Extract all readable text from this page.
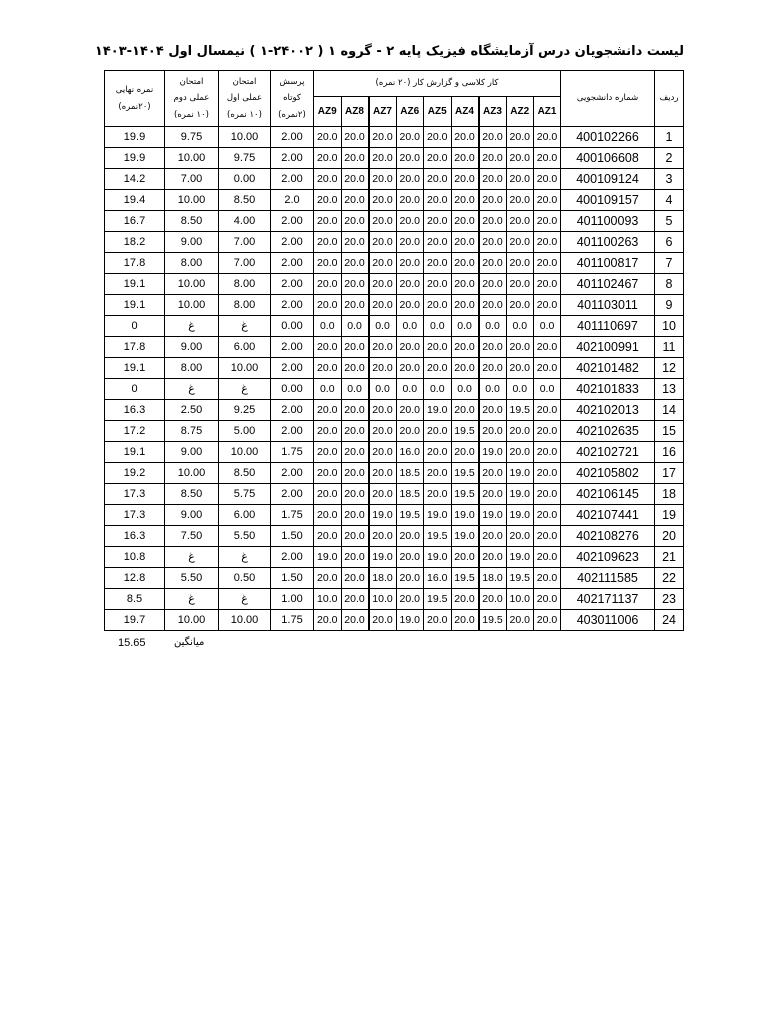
لیست دانشجویان درس آزمایشگاه فیزیک پایه ۲ - گروه ۱ ( ۲۴۰۰۲-۱ ) نیمسال اول ۱۴۰۴-۱۴۰۳
نمره نهایی
(۲۰نمره)	امتحان
عملی دوم
(۱۰ نمره)	امتحان
عملی اول
(۱۰ نمره)	پرسش
کوتاه
(۲نمره)	کار کلاسی و گزارش کار (۲۰ نمره)									شماره دانشجویی	ردیف
				AZ9	AZ8	AZ7	AZ6	AZ5	AZ4	AZ3	AZ2	AZ1		
19.9	9.75	10.00	2.00	20.0	20.0	20.0	20.0	20.0	20.0	20.0	20.0	20.0	400102266	1
19.9	10.00	9.75	2.00	20.0	20.0	20.0	20.0	20.0	20.0	20.0	20.0	20.0	400106608	2
14.2	7.00	0.00	2.00	20.0	20.0	20.0	20.0	20.0	20.0	20.0	20.0	20.0	400109124	3
19.4	10.00	8.50	2.0	20.0	20.0	20.0	20.0	20.0	20.0	20.0	20.0	20.0	400109157	4
16.7	8.50	4.00	2.00	20.0	20.0	20.0	20.0	20.0	20.0	20.0	20.0	20.0	401100093	5
18.2	9.00	7.00	2.00	20.0	20.0	20.0	20.0	20.0	20.0	20.0	20.0	20.0	401100263	6
17.8	8.00	7.00	2.00	20.0	20.0	20.0	20.0	20.0	20.0	20.0	20.0	20.0	401100817	7
19.1	10.00	8.00	2.00	20.0	20.0	20.0	20.0	20.0	20.0	20.0	20.0	20.0	401102467	8
19.1	10.00	8.00	2.00	20.0	20.0	20.0	20.0	20.0	20.0	20.0	20.0	20.0	401103011	9
0	غ	غ	0.00	0.0	0.0	0.0	0.0	0.0	0.0	0.0	0.0	0.0	401110697	10
17.8	9.00	6.00	2.00	20.0	20.0	20.0	20.0	20.0	20.0	20.0	20.0	20.0	402100991	11
19.1	8.00	10.00	2.00	20.0	20.0	20.0	20.0	20.0	20.0	20.0	20.0	20.0	402101482	12
0	غ	غ	0.00	0.0	0.0	0.0	0.0	0.0	0.0	0.0	0.0	0.0	402101833	13
16.3	2.50	9.25	2.00	20.0	20.0	20.0	20.0	19.0	20.0	20.0	19.5	20.0	402102013	14
17.2	8.75	5.00	2.00	20.0	20.0	20.0	20.0	20.0	19.5	20.0	20.0	20.0	402102635	15
19.1	9.00	10.00	1.75	20.0	20.0	20.0	16.0	20.0	20.0	19.0	20.0	20.0	402102721	16
19.2	10.00	8.50	2.00	20.0	20.0	20.0	18.5	20.0	19.5	20.0	19.0	20.0	402105802	17
17.3	8.50	5.75	2.00	20.0	20.0	20.0	18.5	20.0	19.5	20.0	19.0	20.0	402106145	18
17.3	9.00	6.00	1.75	20.0	20.0	19.0	19.5	19.0	19.0	19.0	19.0	20.0	402107441	19
16.3	7.50	5.50	1.50	20.0	20.0	20.0	20.0	19.5	19.0	20.0	20.0	20.0	402108276	20
10.8	غ	غ	2.00	19.0	20.0	19.0	20.0	19.0	20.0	20.0	19.0	20.0	402109623	21
12.8	5.50	0.50	1.50	20.0	20.0	18.0	20.0	16.0	19.5	18.0	19.5	20.0	402111585	22
8.5	غ	غ	1.00	10.0	20.0	10.0	20.0	19.5	20.0	20.0	10.0	20.0	402171137	23
19.7	10.00	10.00	1.75	20.0	20.0	20.0	19.0	20.0	20.0	19.5	20.0	20.0	403011006	24
15.65	میانگین
